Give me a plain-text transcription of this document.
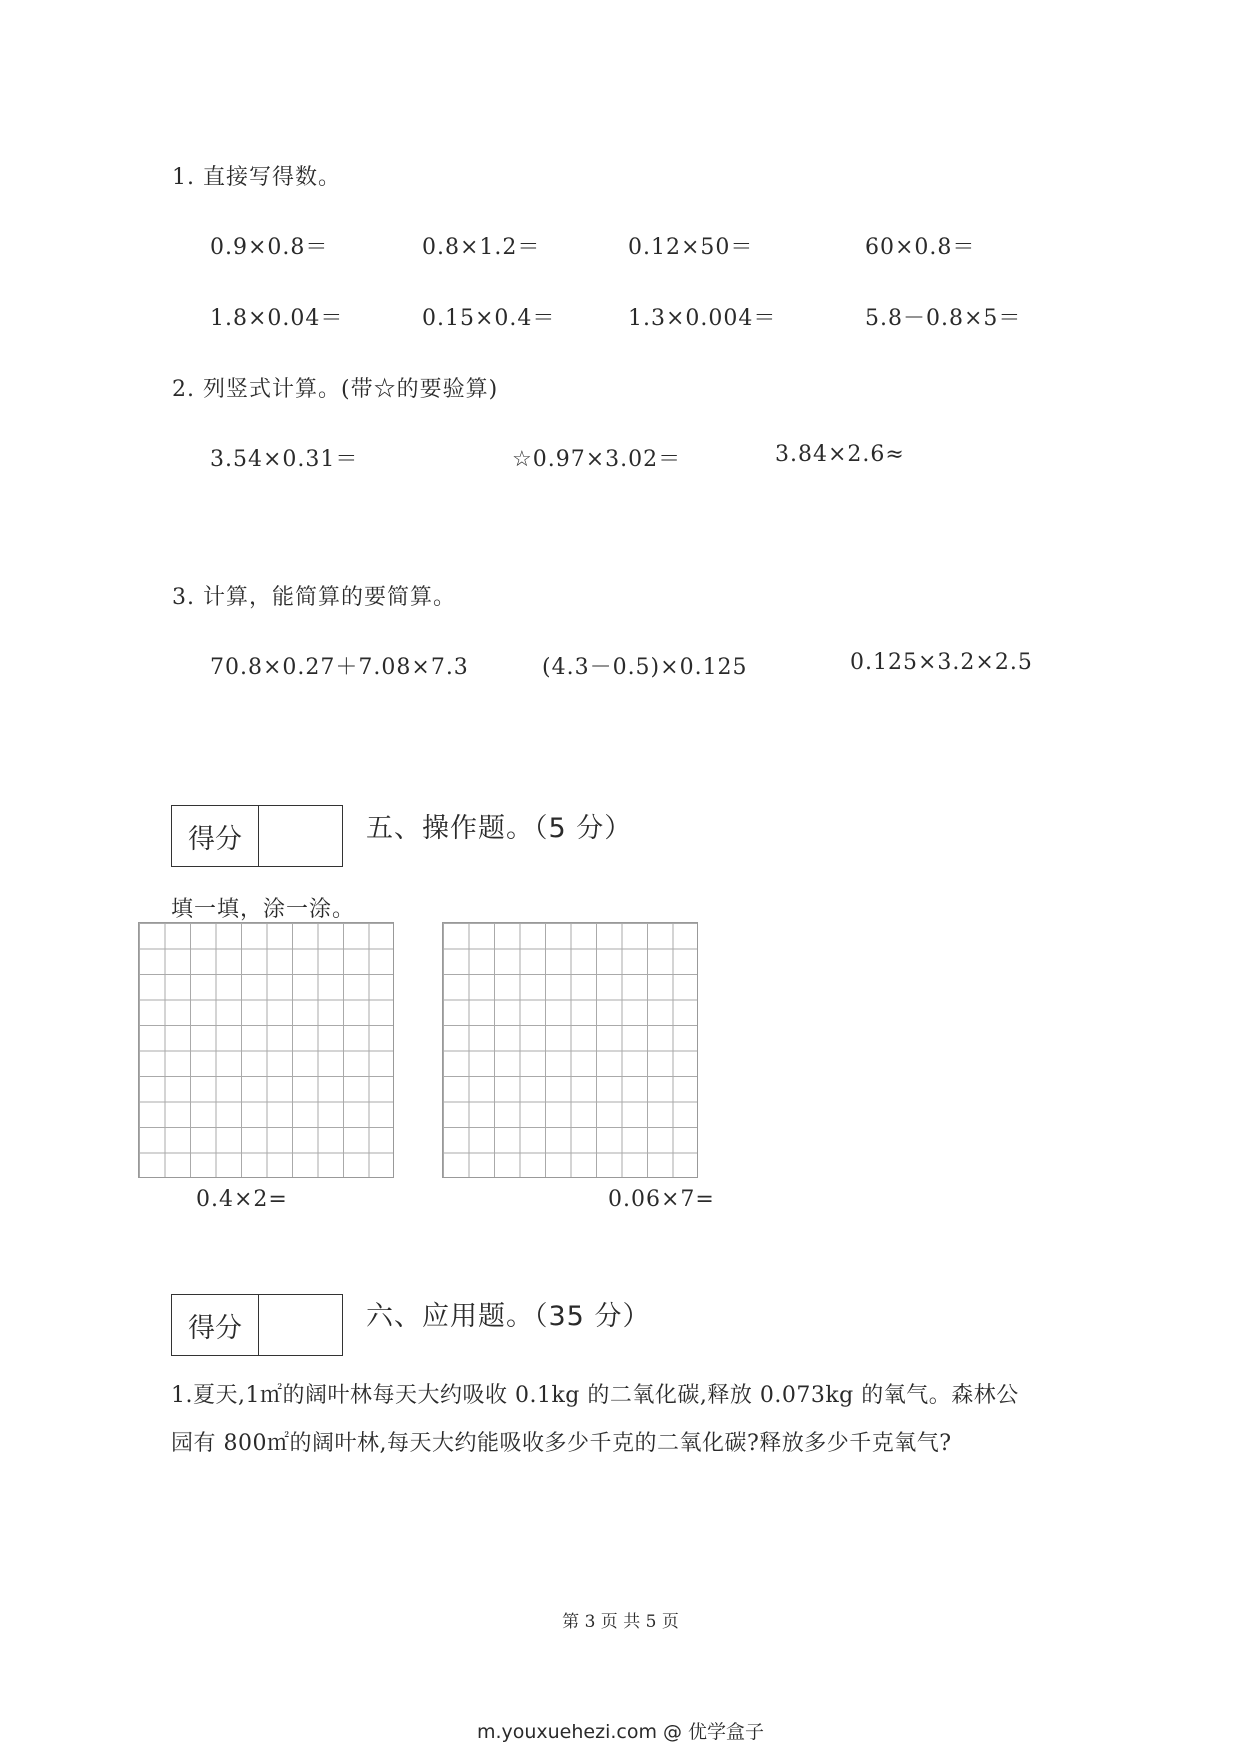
1. 直接写得数。
0.9×0.8＝	0.8×1.2＝	0.12×50＝	60×0.8＝
1.8×0.04＝	0.15×0.4＝	1.3×0.004＝	5.8－0.8×5＝
2. 列竖式计算。(带☆的要验算)
3.54×0.31＝	☆0.97×3.02＝	3.84×2.6≈
3. 计算，能简算的要简算。
70.8×0.27＋7.08×7.3	(4.3－0.5)×0.125	0.125×3.2×2.5
得分	五、操作题。（5 分）
填一填，涂一涂。
0.4×2=	0.06×7=
得分	六、应用题。（35 分）
1.夏天,1㎡的阔叶林每天大约吸收 0.1kg 的二氧化碳,释放 0.073kg 的氧气。森林公
园有 800㎡的阔叶林,每天大约能吸收多少千克的二氧化碳?释放多少千克氧气?
第 3 页 共 5 页
m.youxuehezi.com @ 优学盒子
